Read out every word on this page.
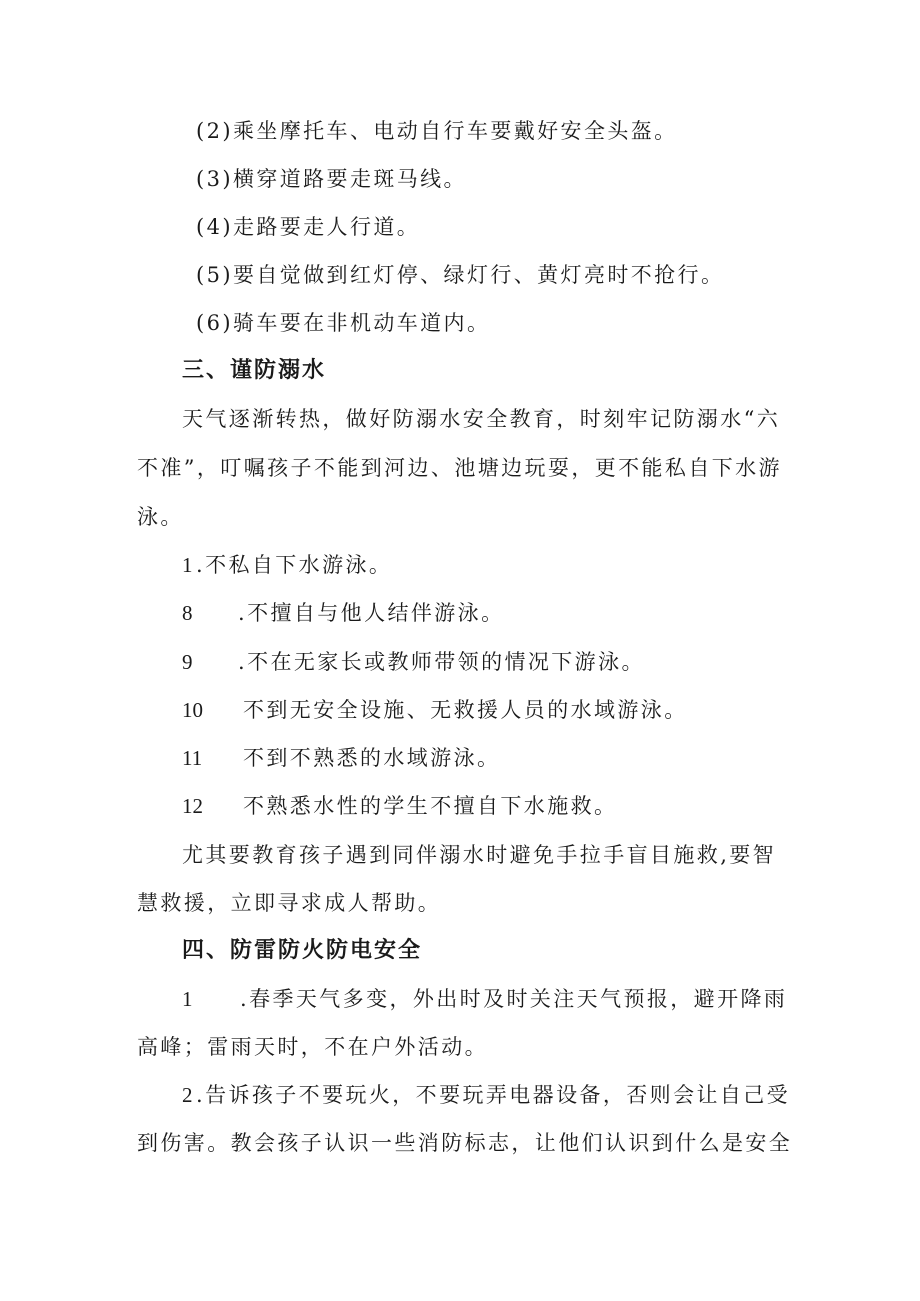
(2)乘坐摩托车、电动自行车要戴好安全头盔。
(3)横穿道路要走斑马线。
(4)走路要走人行道。
(5)要自觉做到红灯停、绿灯行、黄灯亮时不抢行。
(6)骑车要在非机动车道内。
三、谨防溺水
天气逐渐转热，做好防溺水安全教育，时刻牢记防溺水“六
不准”，叮嘱孩子不能到河边、池塘边玩耍，更不能私自下水游
泳。
1 .不私自下水游泳。
8 .不擅自与他人结伴游泳。
9 .不在无家长或教师带领的情况下游泳。
10 不到无安全设施、无救援人员的水域游泳。
11 不到不熟悉的水域游泳。
12 不熟悉水性的学生不擅自下水施救。
尤其要教育孩子遇到同伴溺水时避免手拉手盲目施救,要智
慧救援，立即寻求成人帮助。
四、防雷防火防电安全
1 .春季天气多变，外出时及时关注天气预报，避开降雨
高峰；雷雨天时，不在户外活动。
2 .告诉孩子不要玩火，不要玩弄电器设备，否则会让自己受
到伤害。教会孩子认识一些消防标志，让他们认识到什么是安全
